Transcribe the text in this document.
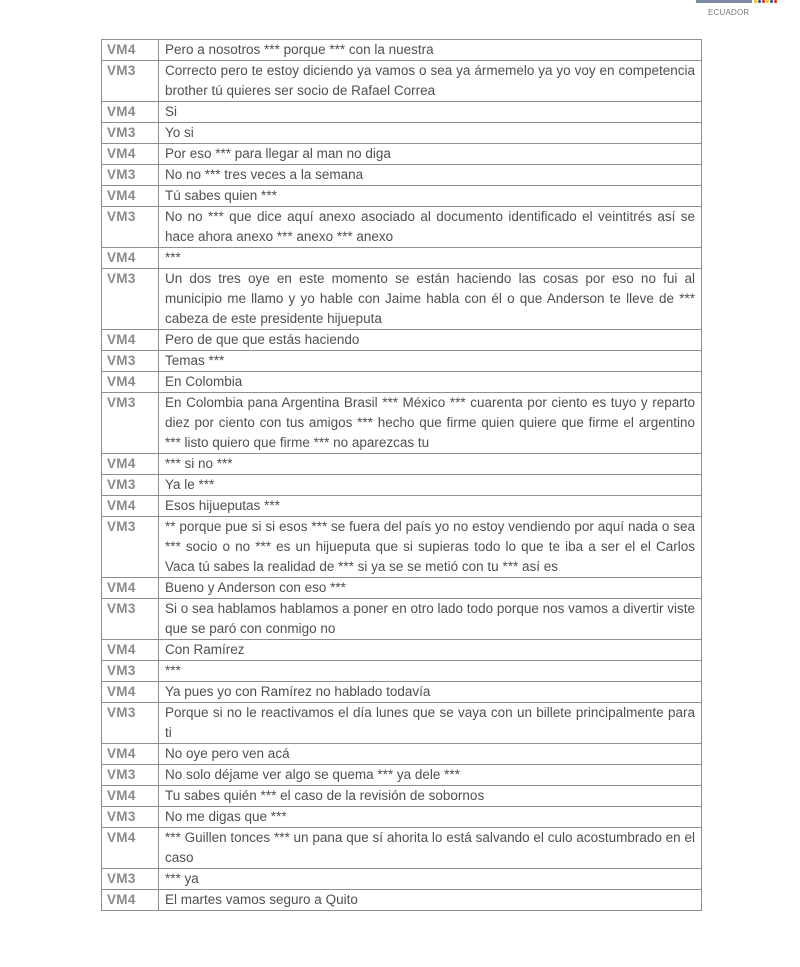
ECUADOR
VM4	Pero a nosotros *** porque *** con la nuestra
VM3	Correcto pero te estoy diciendo ya vamos o sea ya ármemelo ya yo voy en competencia brother tú quieres ser socio de Rafael Correa
VM4	Si
VM3	Yo si
VM4	Por eso *** para llegar al man no diga
VM3	No no *** tres veces a la semana
VM4	Tú sabes quien ***
VM3	No no *** que dice aquí anexo asociado al documento identificado el veintitrés así se hace ahora anexo *** anexo *** anexo
VM4	***
VM3	Un dos tres oye en este momento se están haciendo las cosas por eso no fui al municipio me llamo y yo hable con Jaime habla con él o que Anderson te lleve de *** cabeza de este presidente hijueputa
VM4	Pero de que que estás haciendo
VM3	Temas ***
VM4	En Colombia
VM3	En Colombia pana Argentina Brasil *** México *** cuarenta por ciento es tuyo y reparto diez por ciento con tus amigos *** hecho que firme quien quiere que firme el argentino *** listo quiero que firme *** no aparezcas tu
VM4	*** si no ***
VM3	Ya le ***
VM4	Esos hijueputas ***
VM3	** porque pue si si esos *** se fuera del país yo no estoy vendiendo por aquí nada o sea *** socio o no *** es un hijueputa que si supieras todo lo que te iba a ser el el Carlos Vaca tú sabes la realidad de *** si ya se se metió con tu *** así es
VM4	Bueno y Anderson con eso ***
VM3	Si o sea hablamos hablamos a poner en otro lado todo porque nos vamos a divertir viste que se paró con conmigo no
VM4	Con Ramírez
VM3	***
VM4	Ya pues yo con Ramírez no hablado todavía
VM3	Porque si no le reactivamos el día lunes que se vaya con un billete principalmente para ti
VM4	No oye pero ven acá
VM3	No solo déjame ver algo se quema *** ya dele ***
VM4	Tu sabes quién *** el caso de la revisión de sobornos
VM3	No me digas que ***
VM4	*** Guillen tonces *** un pana que sí ahorita lo está salvando el culo acostumbrado en el caso
VM3	*** ya
VM4	El martes vamos seguro a Quito
